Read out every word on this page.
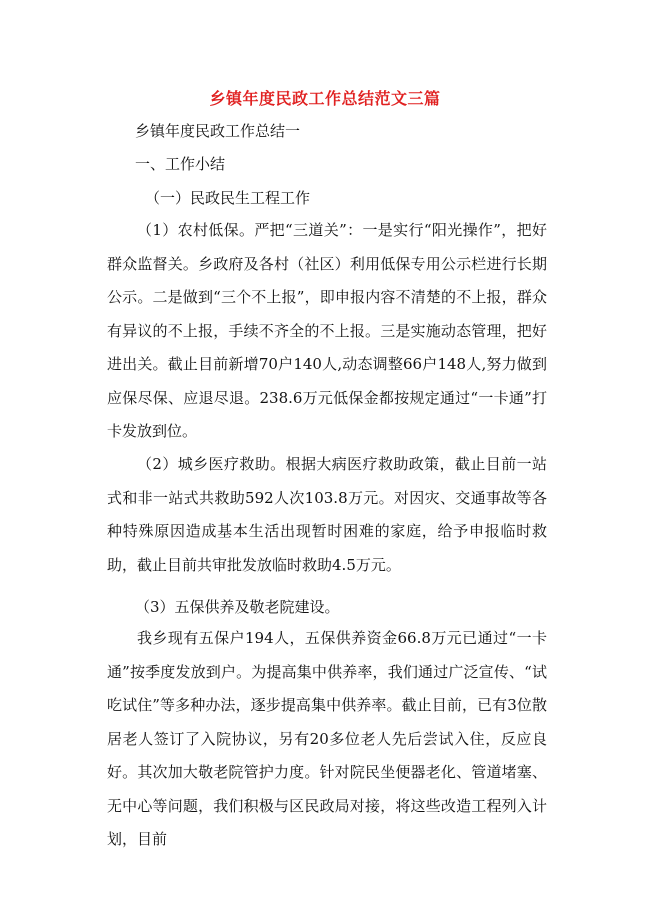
乡镇年度民政工作总结范文三篇

乡镇年度民政工作总结一

一、工作小结

（一）民政民生工程工作

（1）农村低保。严把“三道关”：一是实行“阳光操作”，把好群众监督关。乡政府及各村（社区）利用低保专用公示栏进行长期公示。二是做到“三个不上报”，即申报内容不清楚的不上报，群众有异议的不上报，手续不齐全的不上报。三是实施动态管理，把好进出关。截止目前新增70户140人,动态调整66户148人,努力做到应保尽保、应退尽退。238.6万元低保金都按规定通过“一卡通”打卡发放到位。

（2）城乡医疗救助。根据大病医疗救助政策，截止目前一站式和非一站式共救助592人次103.8万元。对因灾、交通事故等各种特殊原因造成基本生活出现暂时困难的家庭，给予申报临时救助，截止目前共审批发放临时救助4.5万元。

（3）五保供养及敬老院建设。

我乡现有五保户194人，五保供养资金66.8万元已通过“一卡通”按季度发放到户。为提高集中供养率，我们通过广泛宣传、“试吃试住”等多种办法，逐步提高集中供养率。截止目前，已有3位散居老人签订了入院协议，另有20多位老人先后尝试入住，反应良好。其次加大敬老院管护力度。针对院民坐便器老化、管道堵塞、无中心等问题，我们积极与区民政局对接，将这些改造工程列入计划，目前
